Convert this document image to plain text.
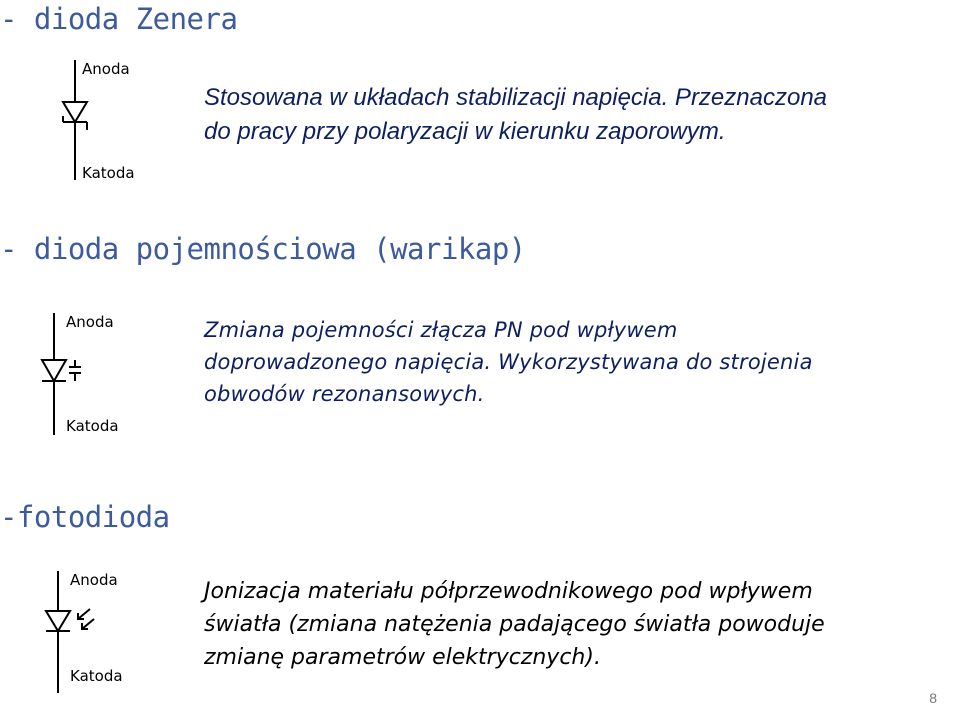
- dioda Zenera
Anoda
Katoda
Stosowana w układach stabilizacji napięcia. Przeznaczona
do pracy przy polaryzacji w kierunku zaporowym.
- dioda pojemnościowa (warikap)
Anoda
Katoda
Zmiana pojemności złącza PN pod wpływem
doprowadzonego napięcia. Wykorzystywana do strojenia
obwodów rezonansowych.
-fotodioda
Anoda
Katoda
Jonizacja materiału półprzewodnikowego pod wpływem
światła (zmiana natężenia padającego światła powoduje
zmianę parametrów elektrycznych).
8
